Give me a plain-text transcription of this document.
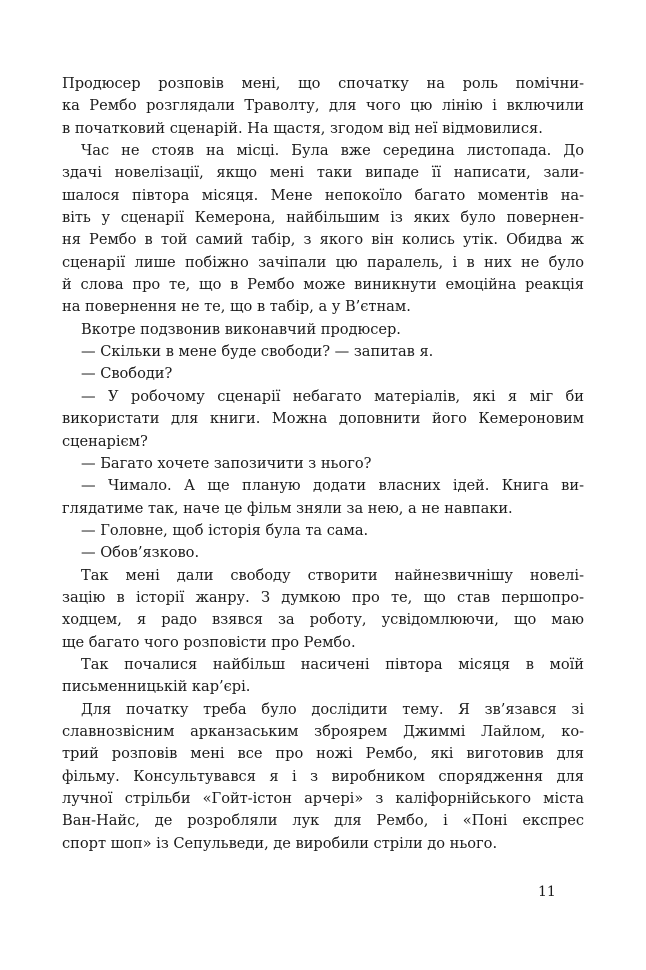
Продюсер розповів мені, що спочатку на роль помічни-
ка Рембо розглядали Траволту, для чого цю лінію і включили
в початковий сценарій. На щастя, згодом від неї відмовилися.
Час не стояв на місці. Була вже середина листопада. До
здачі новелізації, якщо мені таки випаде її написати, зали-
шалося півтора місяця. Мене непокоїло багато моментів на-
віть у сценарії Кемерона, найбільшим із яких було повернен-
ня Рембо в той самий табір, з якого він колись утік. Обидва ж
сценарії лише побіжно зачіпали цю паралель, і в них не було
й слова про те, що в Рембо може виникнути емоційна реакція
на повернення не те, що в табір, а у В’єтнам.
Вкотре подзвонив виконавчий продюсер.
— Скільки в мене буде свободи? — запитав я.
— Свободи?
— У робочому сценарії небагато матеріалів, які я міг би
використати для книги. Можна доповнити його Кемероновим
сценарієм?
— Багато хочете запозичити з нього?
— Чимало. А ще планую додати власних ідей. Книга ви-
глядатиме так, наче це фільм зняли за нею, а не навпаки.
— Головне, щоб історія була та сама.
— Обов’язково.
Так мені дали свободу створити найнезвичнішу новелі-
зацію в історії жанру. З думкою про те, що став першопро-
ходцем, я радо взявся за роботу, усвідомлюючи, що маю
ще багато чого розповісти про Рембо.
Так почалися найбільш насичені півтора місяця в моїй
письменницькій кар’єрі.
Для початку треба було дослідити тему. Я зв’язався зі
славнозвісним арканзаським зброярем Джиммі Лайлом, ко-
трий розповів мені все про ножі Рембо, які виготовив для
фільму. Консультувався я і з виробником спорядження для
лучної стрільби «Гойт-істон арчері» з каліфорнійського міста
Ван-Найс, де розробляли лук для Рембо, і «Поні експрес
спорт шоп» із Сепульведи, де виробили стріли до нього.
11
